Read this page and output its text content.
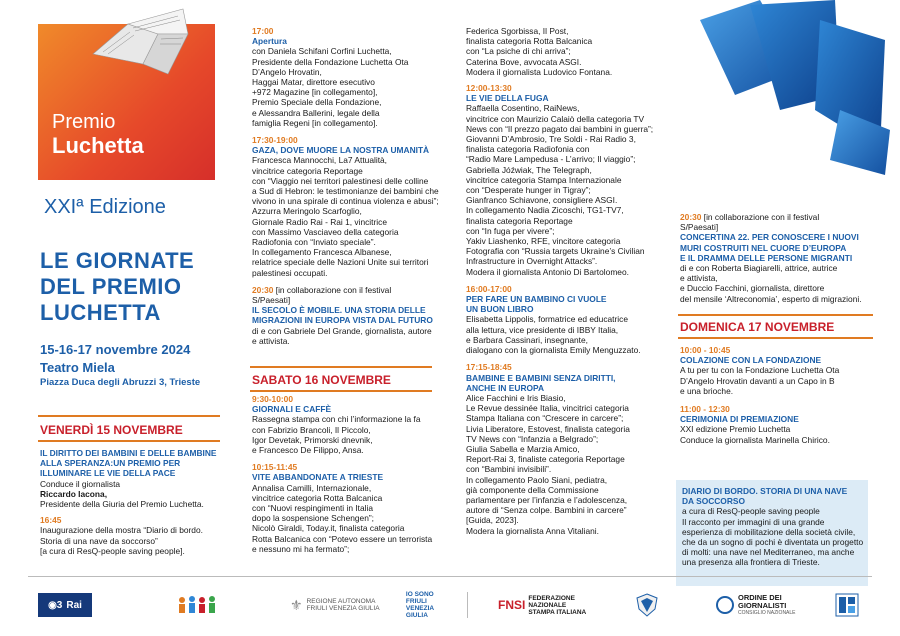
Premio
Luchetta
XXIª Edizione
LE GIORNATE
DEL PREMIO
LUCHETTA
15-16-17 novembre 2024
Teatro Miela
Piazza Duca degli Abruzzi 3, Trieste
VENERDÌ 15 NOVEMBRE
IL DIRITTO DEI BAMBINI E DELLE BAMBINE
ALLA SPERANZA:UN PREMIO PER
ILLUMINARE LE VIE DELLA PACE
Conduce il giornalista
Riccardo Iacona,
Presidente della Giuria del Premio Luchetta.
16:45
Inaugurazione della mostra “Diario di bordo.
Storia di una nave da soccorso”
[a cura di ResQ-people saving people].
17:00
Apertura
con Daniela Schifani Corfini Luchetta,
Presidente della Fondazione Luchetta Ota
D’Angelo Hrovatin,
Haggai Matar, direttore esecutivo
+972 Magazine [in collegamento],
Premio Speciale della Fondazione,
e Alessandra Ballerini, legale della
famiglia Regeni [in collegamento].
17:30-19:00
GAZA, DOVE MUORE LA NOSTRA UMANITÀ
Francesca Mannocchi, La7 Attualità,
vincitrice categoria Reportage
con “Viaggio nei territori palestinesi delle colline
a Sud di Hebron: le testimonianze dei bambini che
vivono in una spirale di continua violenza e abusi”;
Azzurra Meringolo Scarfoglio,
Giornale Radio Rai - Rai 1, vincitrice
con Massimo Vasciaveo della categoria
Radiofonia con “Inviato speciale”.
In collegamento Francesca Albanese,
relatrice speciale delle Nazioni Unite sui territori
palestinesi occupati.
20:30 [in collaborazione con il festival
S/Paesati]
IL SECOLO È MOBILE. UNA STORIA DELLE
MIGRAZIONI IN EUROPA VISTA DAL FUTURO
di e con Gabriele Del Grande, giornalista, autore
e attivista.
SABATO 16 NOVEMBRE
9:30-10:00
GIORNALI E CAFFÈ
Rassegna stampa con chi l’informazione la fa
con Fabrizio Brancoli, Il Piccolo,
Igor Devetak, Primorski dnevnik,
e Francesco De Filippo, Ansa.
10:15-11:45
VITE ABBANDONATE A TRIESTE
Annalisa Camilli, Internazionale,
vincitrice categoria Rotta Balcanica
con “Nuovi respingimenti in Italia
dopo la sospensione Schengen”;
Nicolò Giraldi, Today.it, finalista categoria
Rotta Balcanica con “Potevo essere un terrorista
e nessuno mi ha fermato”;
Federica Sgorbissa, Il Post,
finalista categoria Rotta Balcanica
con “La psiche di chi arriva”;
Caterina Bove, avvocata ASGI.
Modera il giornalista Ludovico Fontana.
12:00-13:30
LE VIE DELLA FUGA
Raffaella Cosentino, RaiNews,
vincitrice con Maurizio Calaiò della categoria TV
News con “Il prezzo pagato dai bambini in guerra”;
Giovanni D’Ambrosio, Tre Soldi - Rai Radio 3,
finalista categoria Radiofonia con
“Radio Mare Lampedusa - L’arrivo; Il viaggio”;
Gabriella Jóźwiak, The Telegraph,
vincitrice categoria Stampa Internazionale
con “Desperate hunger in Tigray”;
Gianfranco Schiavone, consigliere ASGI.
In collegamento Nadia Zicoschi, TG1-TV7,
finalista categoria Reportage
con “In fuga per vivere”;
Yakiv Liashenko, RFE, vincitore categoria
Fotografia con “Russia targets Ukraine’s Civilian
Infrastructure in Overnight Attacks”.
Modera il giornalista Antonio Di Bartolomeo.
16:00-17:00
PER FARE UN BAMBINO CI VUOLE
UN BUON LIBRO
Elisabetta Lippolis, formatrice ed educatrice
alla lettura, vice presidente di IBBY Italia,
e Barbara Cassinari, insegnante,
dialogano con la giornalista Emily Menguzzato.
17:15-18:45
BAMBINE E BAMBINI SENZA DIRITTI,
ANCHE IN EUROPA
Alice Facchini e Iris Biasio,
Le Revue dessinée Italia, vincitrici categoria
Stampa Italiana con “Crescere in carcere”;
Livia Liberatore, Estovest, finalista categoria
TV News con “Infanzia a Belgrado”;
Giulia Sabella e Marzia Amico,
Report-Rai 3, finaliste categoria Reportage
con “Bambini invisibili”.
In collegamento Paolo Siani, pediatra,
già componente della Commissione
parlamentare per l’infanzia e l’adolescenza,
autore di “Senza colpe. Bambini in carcere”
[Guida, 2023].
Modera la giornalista Anna Vitaliani.
20:30 [in collaborazione con il festival
S/Paesati]
CONCERTINA 22. PER CONOSCERE I NUOVI
MURI COSTRUITI NEL CUORE D’EUROPA
E IL DRAMMA DELLE PERSONE MIGRANTI
di e con Roberta Biagiarelli, attrice, autrice
e attivista,
e Duccio Facchini, giornalista, direttore
del mensile ‘Altreconomia’, esperto di migrazioni.
DOMENICA 17 NOVEMBRE
10:00 - 10:45
COLAZIONE CON LA FONDAZIONE
A tu per tu con la Fondazione Luchetta Ota
D’Angelo Hrovatin davanti a un Capo in B
e una brioche.
11:00 - 12:30
CERIMONIA DI PREMIAZIONE
XXI edizione Premio Luchetta
Conduce la giornalista Marinella Chirico.
DIARIO DI BORDO. STORIA DI UNA NAVE
DA SOCCORSO
a cura di ResQ-people saving people
Il racconto per immagini di una grande
esperienza di mobilitazione della società civile,
che da un sogno di pochi è diventata un progetto
di molti: una nave nel Mediterraneo, ma anche
una presenza alla frontiera di Trieste.
◉3 Rai	⚜ REGIONE AUTONOMA
FRIULI VENEZIA GIULIA
IO SONO
FRIULI
VENEZIA
GIULIA
FNSI FEDERAZIONE NAZIONALE
STAMPA ITALIANA
ORDINE DEI
GIORNALISTI
CONSIGLIO NAZIONALE
